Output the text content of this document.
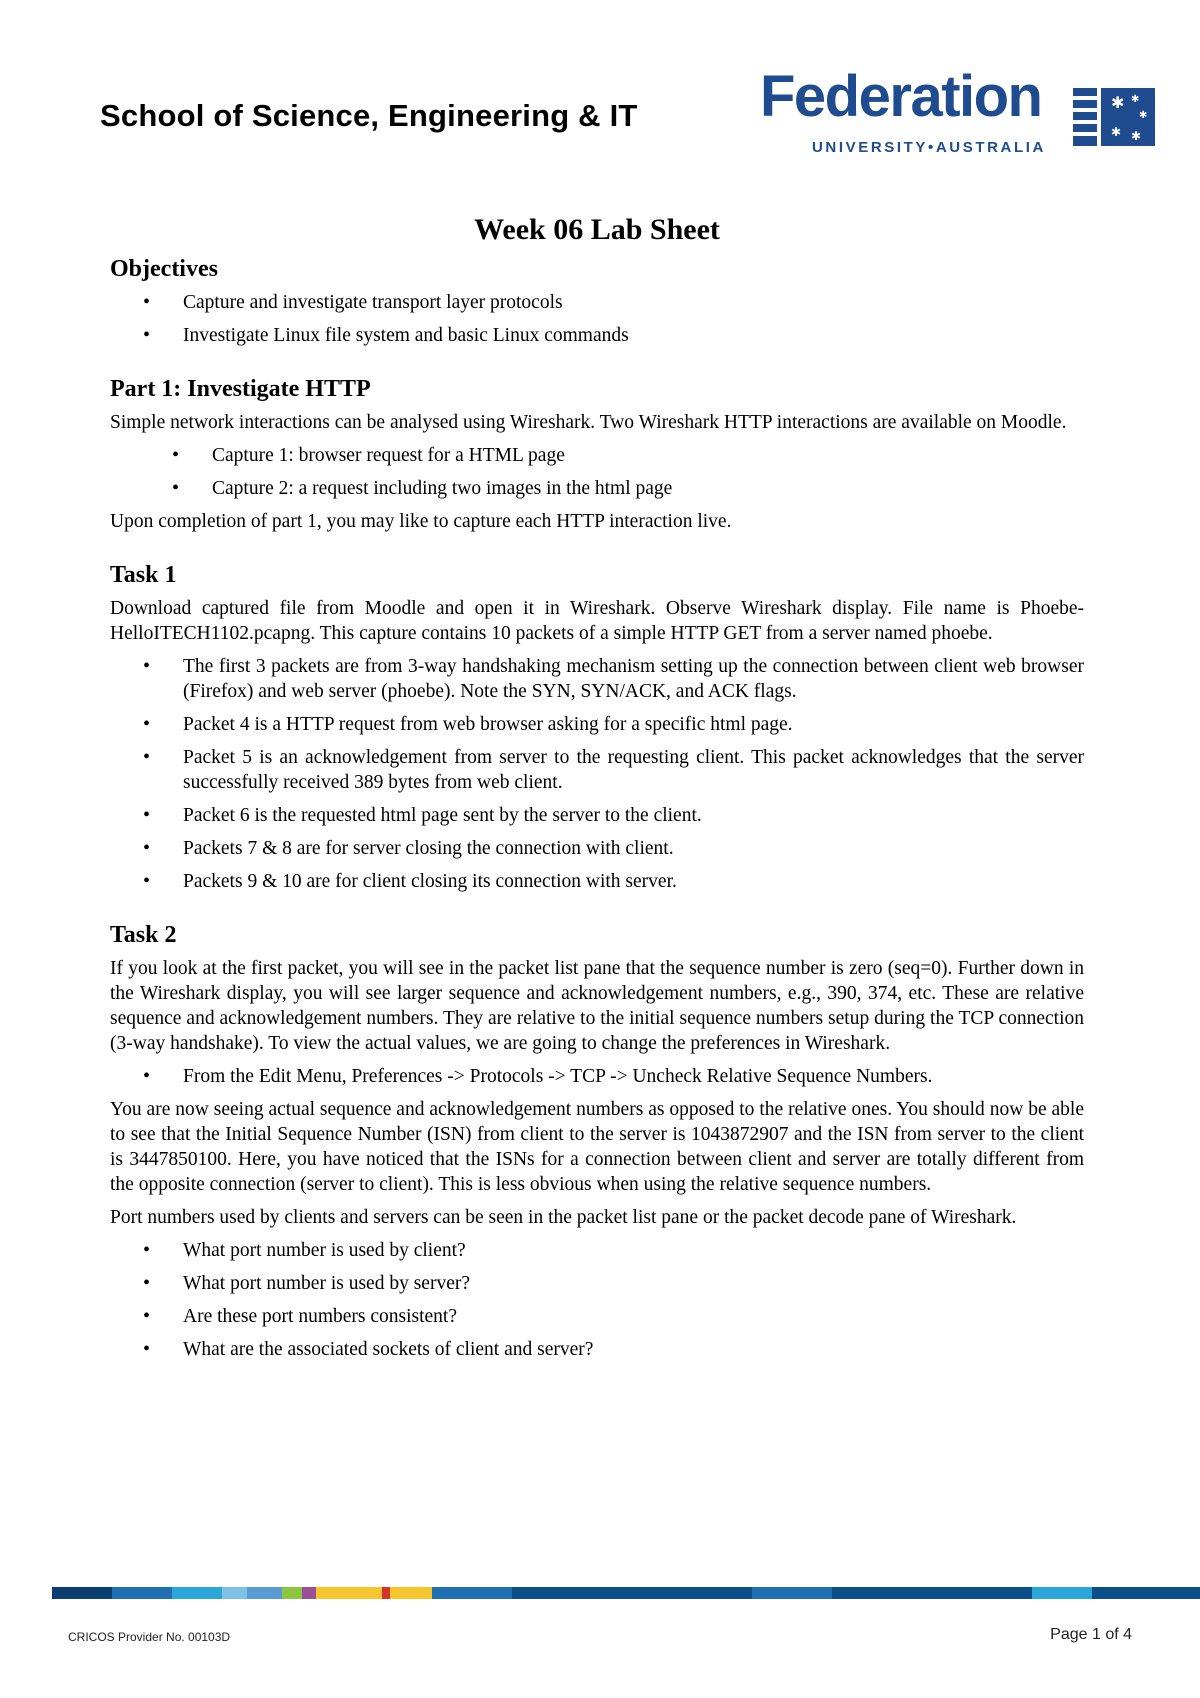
School of Science, Engineering & IT Federation
UNIVERSITY•AUSTRALIA
✱ ✱
✱
✱ ✱
Week 06 Lab Sheet
Objectives
• Capture and investigate transport layer protocols
• Investigate Linux file system and basic Linux commands
Part 1: Investigate HTTP

Simple network interactions can be analysed using Wireshark. Two Wireshark HTTP interactions are available on Moodle.

• Capture 1: browser request for a HTML page
• Capture 2: a request including two images in the html page

Upon completion of part 1, you may like to capture each HTTP interaction live.

Task 1

Download captured file from Moodle and open it in Wireshark. Observe Wireshark display. File name is Phoebe-HelloITECH1102.pcapng. This capture contains 10 packets of a simple HTTP GET from a server named phoebe.

• The first 3 packets are from 3-way handshaking mechanism setting up the connection between client web browser (Firefox) and web server (phoebe). Note the SYN, SYN/ACK, and ACK flags.
• Packet 4 is a HTTP request from web browser asking for a specific html page.
• Packet 5 is an acknowledgement from server to the requesting client. This packet acknowledges that the server successfully received 389 bytes from web client.
• Packet 6 is the requested html page sent by the server to the client.
• Packets 7 & 8 are for server closing the connection with client.
• Packets 9 & 10 are for client closing its connection with server.
Task 2

If you look at the first packet, you will see in the packet list pane that the sequence number is zero (seq=0). Further down in the Wireshark display, you will see larger sequence and acknowledgement numbers, e.g., 390, 374, etc. These are relative sequence and acknowledgement numbers. They are relative to the initial sequence numbers setup during the TCP connection (3-way handshake). To view the actual values, we are going to change the preferences in Wireshark.

• From the Edit Menu, Preferences -> Protocols -> TCP -> Uncheck Relative Sequence Numbers.

You are now seeing actual sequence and acknowledgement numbers as opposed to the relative ones. You should now be able to see that the Initial Sequence Number (ISN) from client to the server is 1043872907 and the ISN from server to the client is 3447850100. Here, you have noticed that the ISNs for a connection between client and server are totally different from the opposite connection (server to client). This is less obvious when using the relative sequence numbers.

Port numbers used by clients and servers can be seen in the packet list pane or the packet decode pane of Wireshark.

• What port number is used by client?
• What port number is used by server?
• Are these port numbers consistent?
• What are the associated sockets of client and server?
CRICOS Provider No. 00103D	Page 1 of 4
